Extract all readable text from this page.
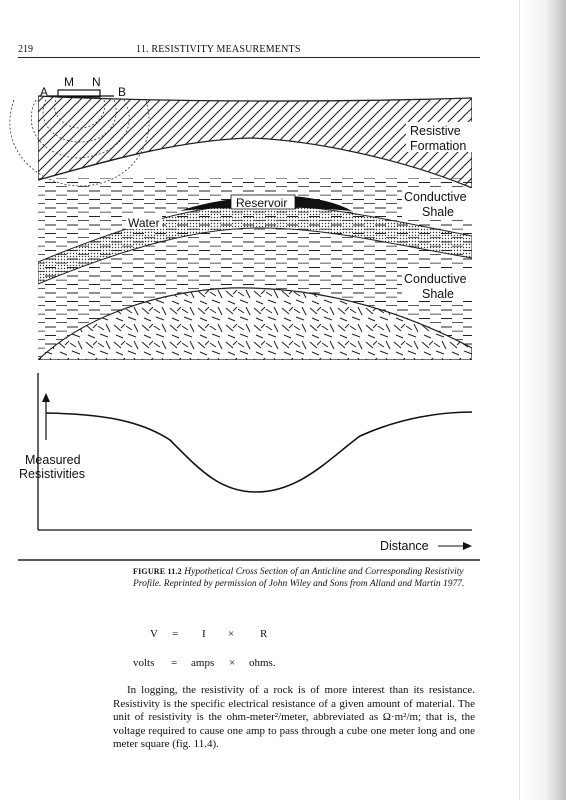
219	11. RESISTIVITY MEASUREMENTS
A
M N
B
Resistive
Formation
Conductive
Shale
Reservoir
Water
Conductive
Shale
Measured
Resistivities
Distance
FIGURE 11.2 Hypothetical Cross Section of an Anticline and Corresponding Resistivity Profile. Reprinted by permission of John Wiley and Sons from Alland and Martin 1977.
V = I × R
volts = amps × ohms.

In logging, the resistivity of a rock is of more interest than its resistance. Resistivity is the specific electrical resistance of a given amount of material. The unit of resistivity is the ohm-meter²/meter, abbreviated as Ω·m²/m; that is, the voltage required to cause one amp to pass through a cube one meter long and one meter square (fig. 11.4).
